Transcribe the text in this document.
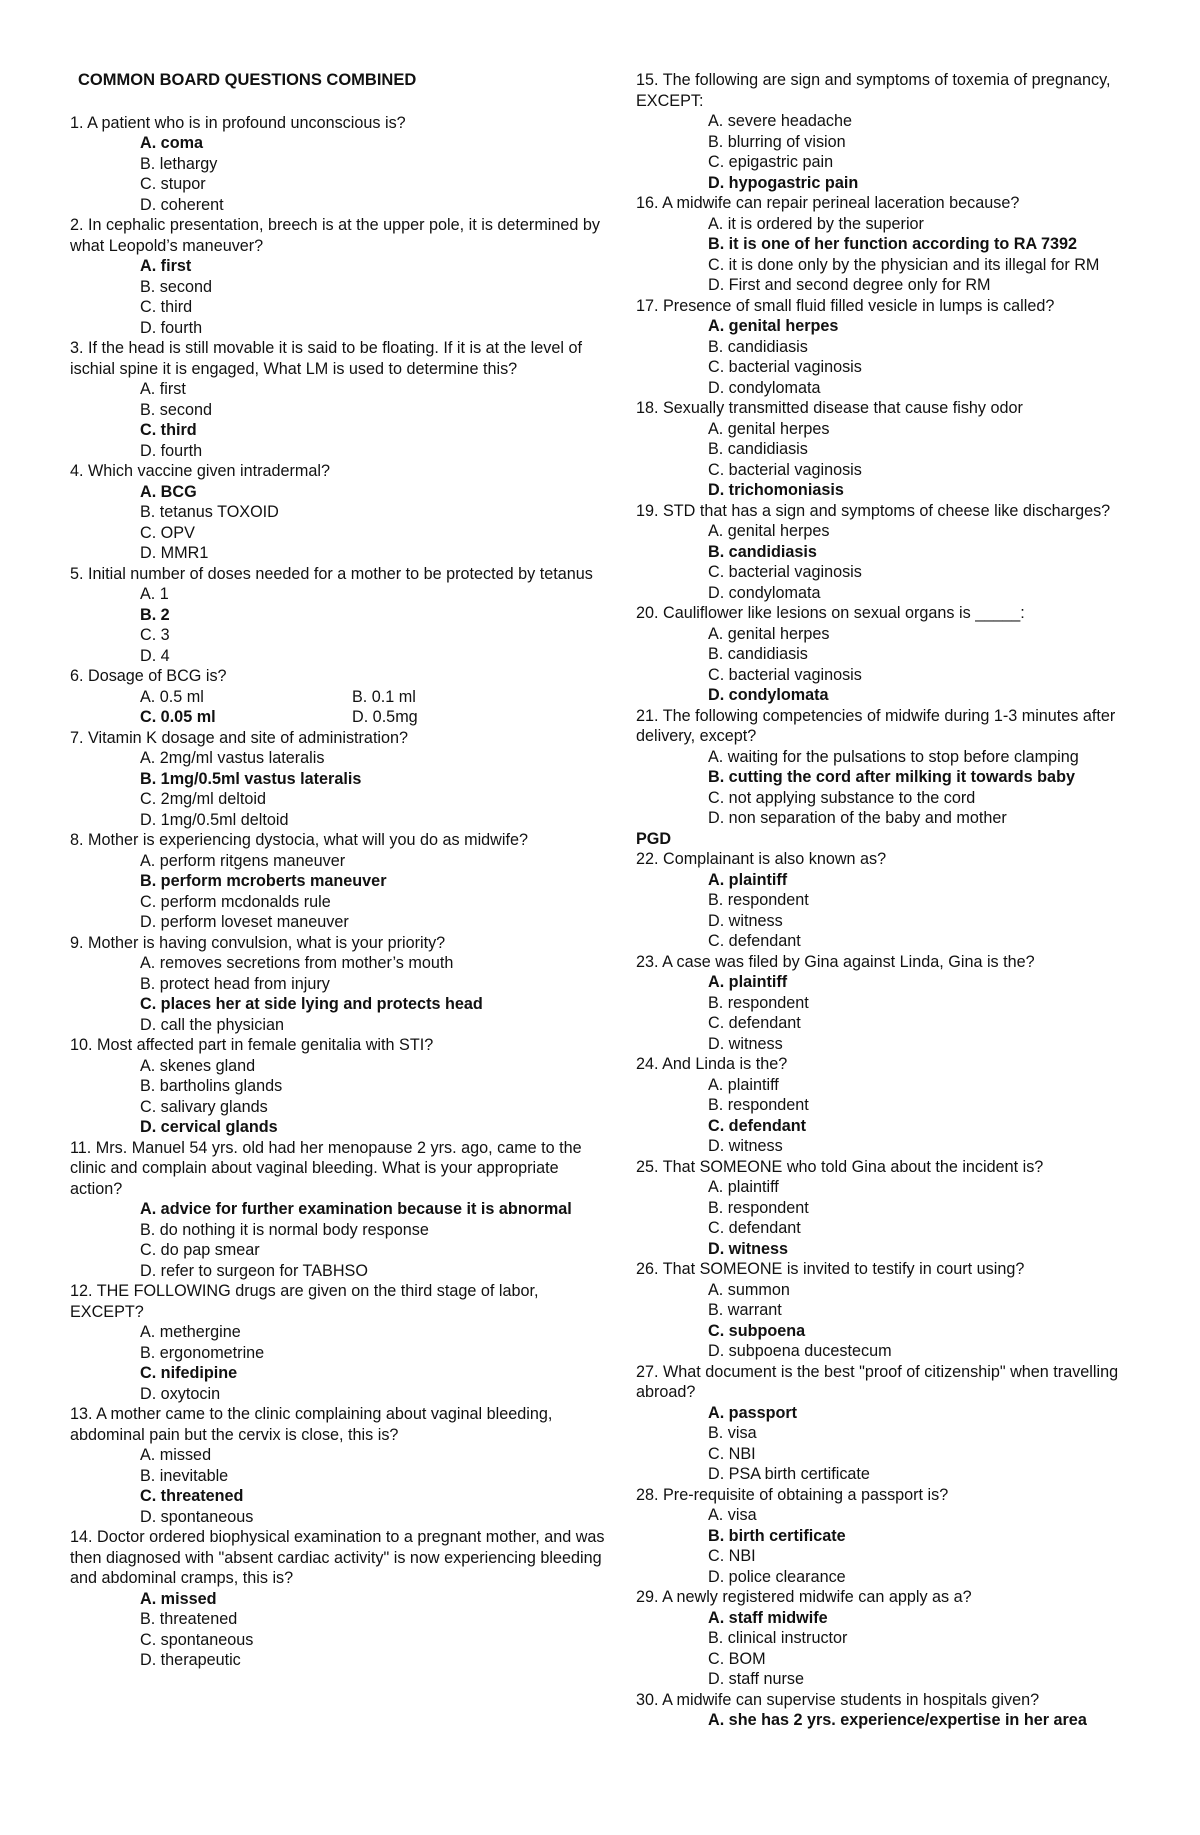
COMMON BOARD QUESTIONS COMBINED

1. A patient who is in profound unconscious is?

A. coma

B. lethargy

C. stupor

D. coherent

2. In cephalic presentation, breech is at the upper pole, it is determined by what Leopold’s maneuver?

A. first

B. second

C. third

D. fourth

3. If the head is still movable it is said to be floating. If it is at the level of ischial spine it is engaged, What LM is used to determine this?

A. first

B. second

C. third

D. fourth

4. Which vaccine given intradermal?

A. BCG

B. tetanus TOXOID

C. OPV

D. MMR1

5. Initial number of doses needed for a mother to be protected by tetanus

A. 1

B. 2

C. 3

D. 4

6. Dosage of BCG is?

A. 0.5 ml	B. 0.1 ml

C. 0.05 ml	D. 0.5mg

7. Vitamin K dosage and site of administration?

A. 2mg/ml vastus lateralis

B. 1mg/0.5ml vastus lateralis

C. 2mg/ml deltoid

D. 1mg/0.5ml deltoid

8. Mother is experiencing dystocia, what will you do as midwife?

A. perform ritgens maneuver

B. perform mcroberts maneuver

C. perform mcdonalds rule

D. perform loveset maneuver

9. Mother is having convulsion, what is your priority?

A. removes secretions from mother’s mouth

B. protect head from injury

C. places her at side lying and protects head

D. call the physician

10. Most affected part in female genitalia with STI?

A. skenes gland

B. bartholins glands

C. salivary glands

D. cervical glands

11. Mrs. Manuel 54 yrs. old had her menopause 2 yrs. ago, came to the clinic and complain about vaginal bleeding. What is your appropriate action?

A. advice for further examination because it is abnormal

B. do nothing it is normal body response

C. do pap smear

D. refer to surgeon for TABHSO

12. THE FOLLOWING drugs are given on the third stage of labor, EXCEPT?

A. methergine

B. ergonometrine

C. nifedipine

D. oxytocin

13. A mother came to the clinic complaining about vaginal bleeding, abdominal pain but the cervix is close, this is?

A. missed

B. inevitable

C. threatened

D. spontaneous

14. Doctor ordered biophysical examination to a pregnant mother, and was then diagnosed with "absent cardiac activity" is now experiencing bleeding and abdominal cramps, this is?

A. missed

B. threatened

C. spontaneous

D. therapeutic

15. The following are sign and symptoms of toxemia of pregnancy, EXCEPT:

A. severe headache

B. blurring of vision

C. epigastric pain

D. hypogastric pain

16. A midwife can repair perineal laceration because?

A. it is ordered by the superior

B. it is one of her function according to RA 7392

C. it is done only by the physician and its illegal for RM

D. First and second degree only for RM

17. Presence of small fluid filled vesicle in lumps is called?

A. genital herpes

B. candidiasis

C. bacterial vaginosis

D. condylomata

18. Sexually transmitted disease that cause fishy odor

A. genital herpes

B. candidiasis

C. bacterial vaginosis

D. trichomoniasis

19. STD that has a sign and symptoms of cheese like discharges?

A. genital herpes

B. candidiasis

C. bacterial vaginosis

D. condylomata

20. Cauliflower like lesions on sexual organs is _____:

A. genital herpes

B. candidiasis

C. bacterial vaginosis

D. condylomata

21. The following competencies of midwife during 1-3 minutes after delivery, except?

A. waiting for the pulsations to stop before clamping

B. cutting the cord after milking it towards baby

C. not applying substance to the cord

D. non separation of the baby and mother

PGD

22. Complainant is also known as?

A. plaintiff

B. respondent

D. witness

C. defendant

23. A case was filed by Gina against Linda, Gina is the?

A. plaintiff

B. respondent

C. defendant

D. witness

24. And Linda is the?

A. plaintiff

B. respondent

C. defendant

D. witness

25. That SOMEONE who told Gina about the incident is?

A. plaintiff

B. respondent

C. defendant

D. witness

26. That SOMEONE is invited to testify in court using?

A. summon

B. warrant

C. subpoena

D. subpoena ducestecum

27. What document is the best "proof of citizenship" when travelling abroad?

A. passport

B. visa

C. NBI

D. PSA birth certificate

28. Pre-requisite of obtaining a passport is?

A. visa

B. birth certificate

C. NBI

D. police clearance

29. A newly registered midwife can apply as a?

A. staff midwife

B. clinical instructor

C. BOM

D. staff nurse

30. A midwife can supervise students in hospitals given?

A. she has 2 yrs. experience/expertise in her area
